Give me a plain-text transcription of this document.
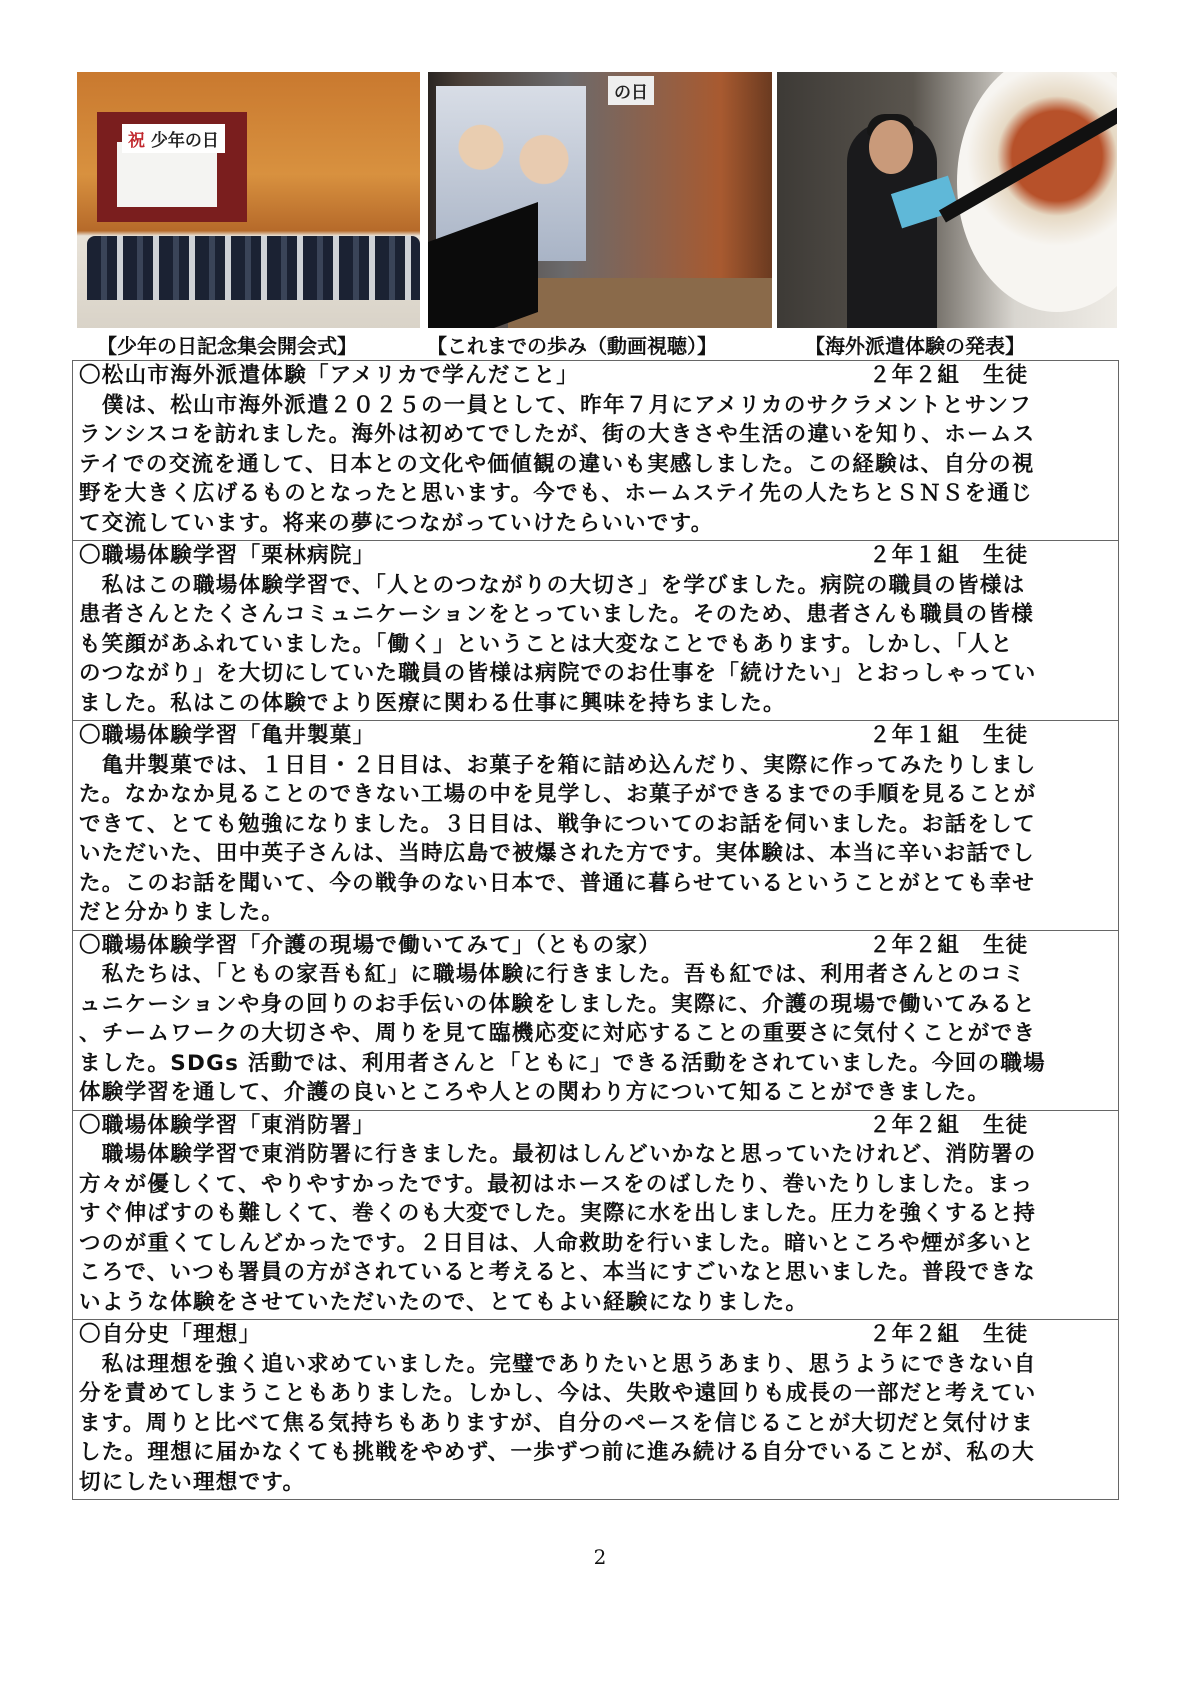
祝 少年の日
の日
【少年の日記念集会開会式】	【これまでの歩み（動画視聴）】	【海外派遣体験の発表】
〇松山市海外派遣体験「アメリカで学んだこと」	２年２組　生徒
　僕は、松山市海外派遣２０２５の一員として、昨年７月にアメリカのサクラメントとサンフ
ランシスコを訪れました。海外は初めてでしたが、街の大きさや生活の違いを知り、ホームス
テイでの交流を通して、日本との文化や価値観の違いも実感しました。この経験は、自分の視
野を大きく広げるものとなったと思います。今でも、ホームステイ先の人たちとＳＮＳを通じ
て交流しています。将来の夢につながっていけたらいいです。
〇職場体験学習「栗林病院」	２年１組　生徒
　私はこの職場体験学習で、「人とのつながりの大切さ」を学びました。病院の職員の皆様は
患者さんとたくさんコミュニケーションをとっていました。そのため、患者さんも職員の皆様
も笑顔があふれていました。「働く」ということは大変なことでもあります。しかし、「人と
のつながり」を大切にしていた職員の皆様は病院でのお仕事を「続けたい」とおっしゃってい
ました。私はこの体験でより医療に関わる仕事に興味を持ちました。
〇職場体験学習「亀井製菓」	２年１組　生徒
　亀井製菓では、１日目・２日目は、お菓子を箱に詰め込んだり、実際に作ってみたりしまし
た。なかなか見ることのできない工場の中を見学し、お菓子ができるまでの手順を見ることが
できて、とても勉強になりました。３日目は、戦争についてのお話を伺いました。お話をして
いただいた、田中英子さんは、当時広島で被爆された方です。実体験は、本当に辛いお話でし
た。このお話を聞いて、今の戦争のない日本で、普通に暮らせているということがとても幸せ
だと分かりました。
〇職場体験学習「介護の現場で働いてみて」（ともの家）	２年２組　生徒
　私たちは、「ともの家吾も紅」に職場体験に行きました。吾も紅では、利用者さんとのコミ
ュニケーションや身の回りのお手伝いの体験をしました。実際に、介護の現場で働いてみると
、チームワークの大切さや、周りを見て臨機応変に対応することの重要さに気付くことができ
ました。SDGs 活動では、利用者さんと「ともに」できる活動をされていました。今回の職場
体験学習を通して、介護の良いところや人との関わり方について知ることができました。
〇職場体験学習「東消防署」	２年２組　生徒
　職場体験学習で東消防署に行きました。最初はしんどいかなと思っていたけれど、消防署の
方々が優しくて、やりやすかったです。最初はホースをのばしたり、巻いたりしました。まっ
すぐ伸ばすのも難しくて、巻くのも大変でした。実際に水を出しました。圧力を強くすると持
つのが重くてしんどかったです。２日目は、人命救助を行いました。暗いところや煙が多いと
ころで、いつも署員の方がされていると考えると、本当にすごいなと思いました。普段できな
いような体験をさせていただいたので、とてもよい経験になりました。
〇自分史「理想」	２年２組　生徒
　私は理想を強く追い求めていました。完璧でありたいと思うあまり、思うようにできない自
分を責めてしまうこともありました。しかし、今は、失敗や遠回りも成長の一部だと考えてい
ます。周りと比べて焦る気持ちもありますが、自分のペースを信じることが大切だと気付けま
した。理想に届かなくても挑戦をやめず、一歩ずつ前に進み続ける自分でいることが、私の大
切にしたい理想です。
2
